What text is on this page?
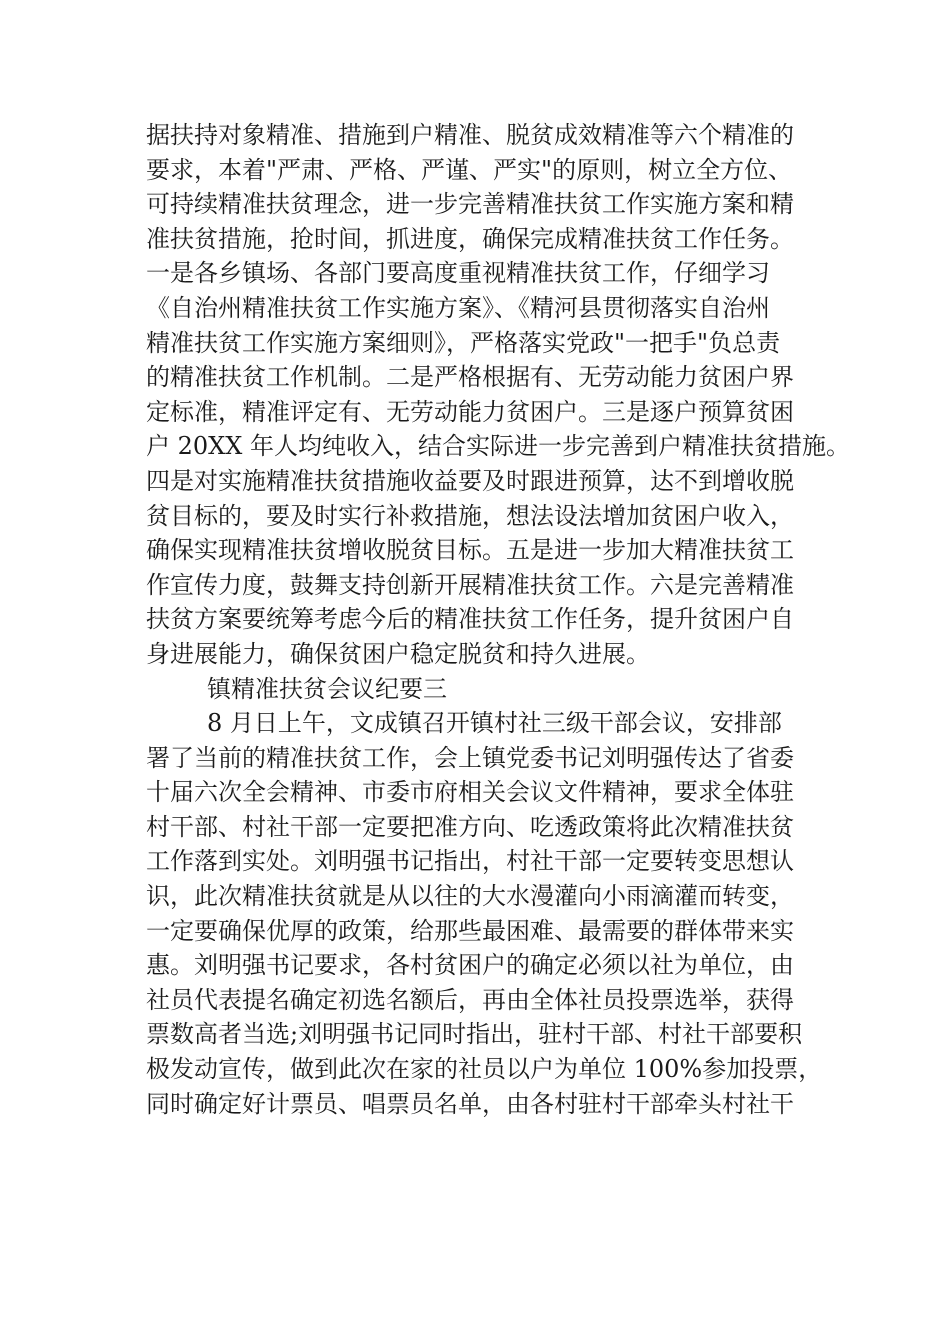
据扶持对象精准、措施到户精准、脱贫成效精准等六个精准的
要求，本着"严肃、严格、严谨、严实"的原则，树立全方位、
可持续精准扶贫理念，进一步完善精准扶贫工作实施方案和精
准扶贫措施，抢时间，抓进度，确保完成精准扶贫工作任务。
一是各乡镇场、各部门要高度重视精准扶贫工作，仔细学习
《自治州精准扶贫工作实施方案》、《精河县贯彻落实自治州
精准扶贫工作实施方案细则》，严格落实党政"一把手"负总责
的精准扶贫工作机制。二是严格根据有、无劳动能力贫困户界
定标准，精准评定有、无劳动能力贫困户。三是逐户预算贫困
户 20XX 年人均纯收入，结合实际进一步完善到户精准扶贫措施。
四是对实施精准扶贫措施收益要及时跟进预算，达不到增收脱
贫目标的，要及时实行补救措施，想法设法增加贫困户收入，
确保实现精准扶贫增收脱贫目标。五是进一步加大精准扶贫工
作宣传力度，鼓舞支持创新开展精准扶贫工作。六是完善精准
扶贫方案要统筹考虑今后的精准扶贫工作任务，提升贫困户自
身进展能力，确保贫困户稳定脱贫和持久进展。
镇精准扶贫会议纪要三
8 月日上午，文成镇召开镇村社三级干部会议，安排部
署了当前的精准扶贫工作，会上镇党委书记刘明强传达了省委
十届六次全会精神、市委市府相关会议文件精神，要求全体驻
村干部、村社干部一定要把准方向、吃透政策将此次精准扶贫
工作落到实处。刘明强书记指出，村社干部一定要转变思想认
识，此次精准扶贫就是从以往的大水漫灌向小雨滴灌而转变，
一定要确保优厚的政策，给那些最困难、最需要的群体带来实
惠。刘明强书记要求，各村贫困户的确定必须以社为单位，由
社员代表提名确定初选名额后，再由全体社员投票选举，获得
票数高者当选;刘明强书记同时指出，驻村干部、村社干部要积
极发动宣传，做到此次在家的社员以户为单位 100%参加投票，
同时确定好计票员、唱票员名单，由各村驻村干部牵头村社干
